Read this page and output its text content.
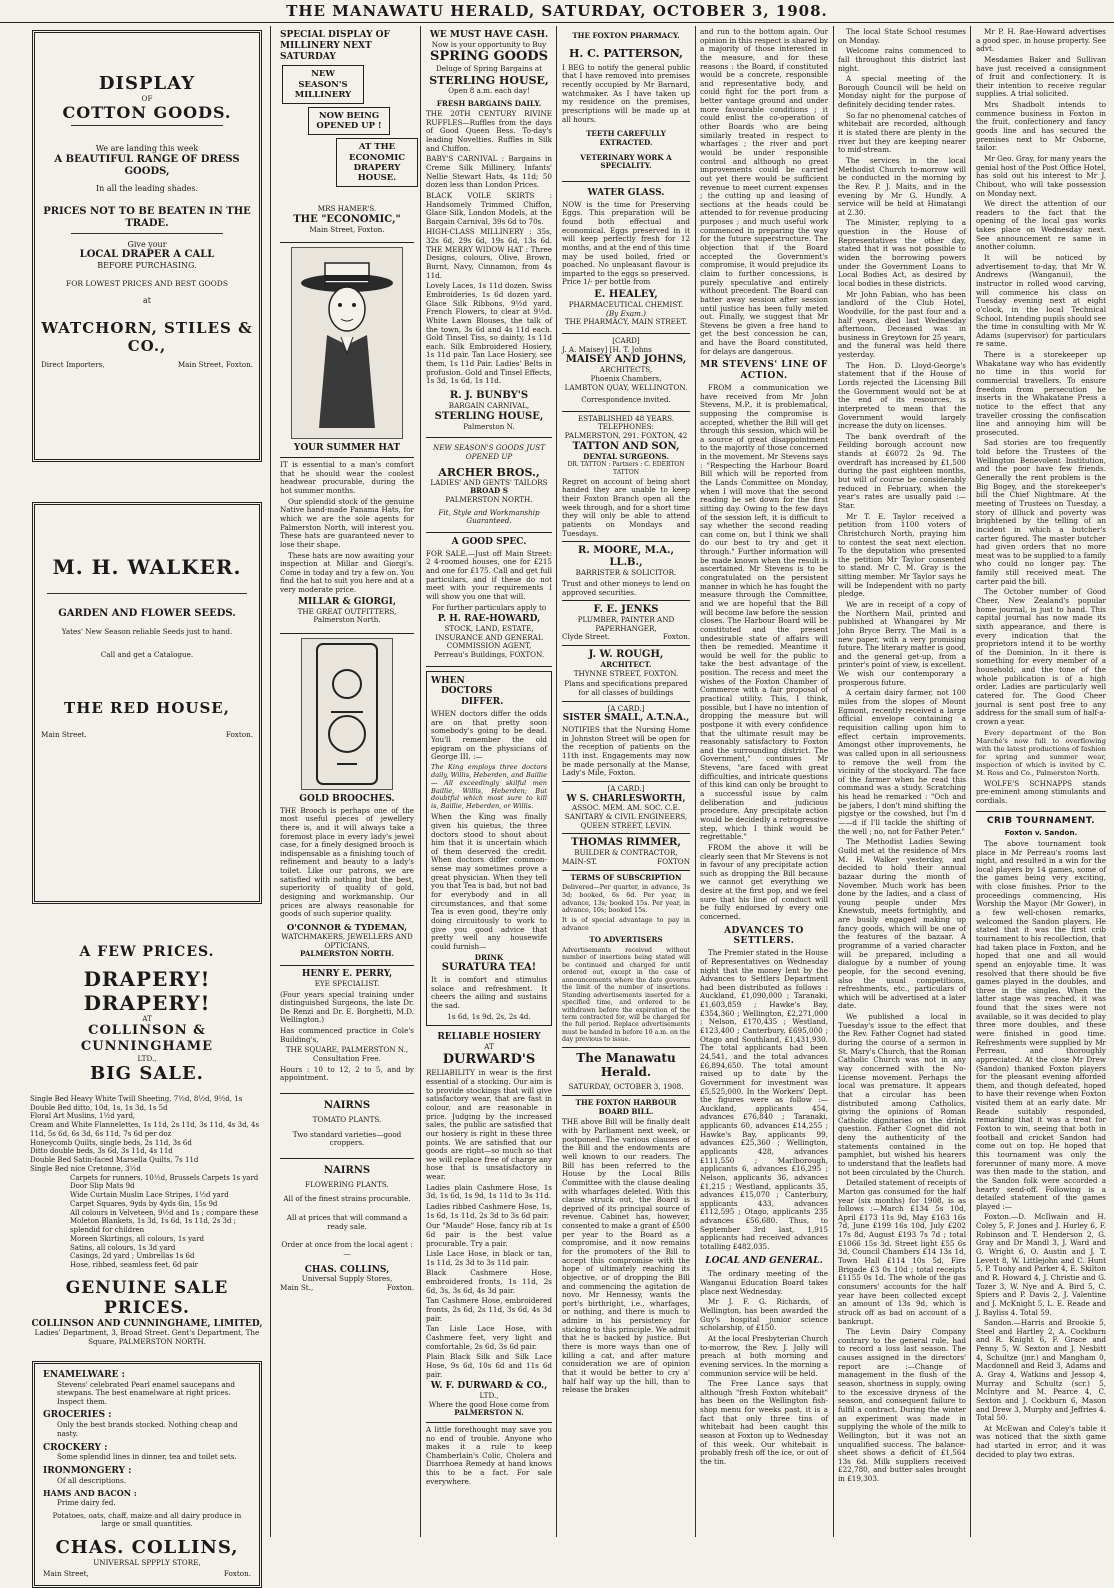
THE MANAWATU HERALD, SATURDAY, OCTOBER 3, 1908.
DISPLAY
OF
COTTON GOODS.
We are landing this week
A BEAUTIFUL RANGE OF DRESS GOODS,
In all the leading shades.
PRICES NOT TO BE BEATEN IN THE TRADE.
Give your
LOCAL DRAPER A CALL
BEFORE PURCHASING.
FOR LOWEST PRICES AND BEST GOODS
at
WATCHORN, STILES & CO.,
Direct Importers,	Main Street, Foxton.
M. H. WALKER.
GARDEN AND FLOWER SEEDS.
Yates' New Season reliable Seeds just to hand.
Call and get a Catalogue.
THE RED HOUSE,
Main Street.	Foxton.
A FEW PRICES.
DRAPERY! DRAPERY!
AT
COLLINSON & CUNNINGHAME
LTD.,
BIG SALE.
Single Bed Heavy White Twill Sheeting, 7½d, 8½d, 9½d, 1s
Double Bed ditto, 10d, 1s, 1s 3d, 1s 5d
Floral Art Muslins, 1½d yard,
Cream and White Flannelettes, 1s 11d, 2s 11d, 3s 11d, 4s 3d, 4s 11d, 5s 6d, 6s 3d, 6s 11d, 7s 6d per doz
Honeycomb Quilts, single beds, 2s 11d, 3s 6d
Ditto double beds, 3s 6d, 3s 11d, 4s 11d
Double Bed Satin-faced Marsella Quilts, 7s 11d
Single Bed nice Cretonne, 3½d
Carpets for runners, 10½d, Brussels Carpets 1s yard
Door Slip Mats 9d
Wide Curtain Muslin Lace Stripes, 1½d yard
Carpet Squares, 9yds by 4yds 6in, 15s 9d
All colours in Velveteen, 9½d and 1s ; compare these
Moleton Blankets, 1s 3d, 1s 6d, 1s 11d, 2s 3d ; splendid for children
Moreen Skirtings, all colours, 1s yard
Satins, all colours, 1s 3d yard
Casings, 2d yard ; Umbrellas 1s 6d
Hose, ribbed, seamless feet, 6d pair
GENUINE SALE PRICES.
COLLINSON AND CUNNINGHAME, LIMITED,
Ladies' Department, 3, Broad Street. Gent's Department, The Square, PALMERSTON NORTH.
ENAMELWARE :
Stevens' celebrated Pearl enamel saucepans and stewpans. The best enamelware at right prices. Inspect them.
GROCERIES :
Only the best brands stocked. Nothing cheap and nasty.
CROCKERY :
Some splendid lines in dinner, tea and toilet sets.
IRONMONGERY :
Of all descriptions.
HAMS AND BACON :
Prime dairy fed.
Potatoes, oats, chaff, maize and all dairy produce in large or small quantities.
CHAS. COLLINS,
UNIVERSAL SPPPLY STORE,
Main Street,	Foxton.
SPECIAL DISPLAY OF MILLINERY NEXT SATURDAY
NEW SEASON'S MILLINERY
NOW BEING OPENED UP !
AT THE ECONOMIC DRAPERY HOUSE.
MRS HAMER'S.
THE "ECONOMIC,"
Main Street, Foxton.
YOUR SUMMER HAT

IT is essential to a man's comfort that he should wear the coolest headwear procurable, during the hot summer months.

Our splendid stock of the genuine Native hand-made Panama Hats, for which we are the sole agents for Palmerston North, will interest you. These hats are guaranteed never to lose their shape.

These hats are now awaiting your inspection at Millar and Giorgi's. Come in today and try a few on. You find the hat to suit you here and at a very moderate price.

MILLAR & GIORGI,
THE GREAT OUTFITTERS,
Palmerston North.
GOLD BROOCHES.

THE Brooch is perhaps one of the most useful pieces of jewellery there is, and it will always take a foremost place in every lady's jewel case, for a finely designed brooch is indispensable as a finishing touch of refinement and beauty to a lady's toilet. Like our patrons, we are satisfied with nothing but the best, superiority of quality of gold, designing and workmanship. Our prices are always reasonable for goods of such superior quality.

O'CONNOR & TYDEMAN,
WATCHMAKERS, JEWELLERS AND OPTICIANS,
PALMERSTON NORTH.
HENRY E. PERRY,
EYE SPECIALIST.

(Four years special training under distinguished Surgeons, the late Dr. De Renzi and Dr. E. Borghetti, M.D. Wellington.)

Has commenced practice in Cole's Building's,

THE SQUARE, PALMERSTON N., Consultation Free.

Hours : 10 to 12, 2 to 5, and by appointment.

NAIRNS
TOMATO PLANTS.
Two standard varieties—good croppers.
NAIRNS
FLOWERING PLANTS.
All of the finest strains procurable.
All at prices that will command a ready sale.
Order at once from the local agent :—
CHAS. COLLINS,
Universal Supply Stores,
Main St.,	Foxton.
WE MUST HAVE CASH.
Now is your opportunity to Buy
SPRING GOODS
Deluge of Spring Bargains at
STERLING HOUSE,
Open 8 a.m. each day!
FRESH BARGAINS DAILY.

THE 20TH CENTURY RIVINE RUFFLES—Ruffles from the days of Good Queen Bess. To-day's leading Novelties. Ruffles in Silk and Chiffon.

BABY'S CARNIVAL : Bargains in Creme Silk Millinery. Infants' Nellie Stewart Hats, 4s 11d; 50 dozen less than London Prices.

BLACK VOILE SKIRTS : Handsomely Trimmed Chiffon, Glace Silk, London Models, at the Bargain Carnival, 39s 6d to 70s.

HIGH-CLASS MILLINERY : 35s, 32s 6d, 29s 6d, 19s 6d, 13s 6d. THE MERRY WIDOW HAT : Three Designs, colours, Olive, Brown, Burnt, Navy, Cinnamon, from 4s 11d.

Lovely Laces, 1s 11d dozen. Swiss Embroideries, 1s 6d dozen yard. Glace Silk Ribbons, 9½d yard. French Flowers, to clear at 9½d. White Lawn Blouses, the talk of the town, 3s 6d and 4s 11d each. Gold Tinsel Tiss, so dainty, 1s 11d each. Silk Embroidered Hosiery, 1s 11d pair. Tan Lace Hosiery, see them, 1s 11d Pair. Ladies' Belts in profusion. Gold and Tinsel Effects, 1s 3d, 1s 6d, 1s 11d.

R. J. BUNBY'S
BARGAIN CARNIVAL,
STERLING HOUSE,
Palmerston N.
NEW SEASON'S GOODS JUST OPENED UP
ARCHER BROS.,
LADIES' AND GENTS' TAILORS
BROAD S
PALMERSTON NORTH.
Fit, Style and Workmanship Guaranteed.
A GOOD SPEC.

FOR SALE.—Just off Main Street: 2 4-roomed houses, one for £215 and one for £175. Call and get full particulars, and if these do not meet with your requirements I will show you one that will.

For further particulars apply to

P. H. RAE-HOWARD,
STOCK, LAND, ESTATE, INSURANCE AND GENERAL COMMISSION AGENT,
Perreau's Buildings, FOXTON.
WHEN
DOCTORS
DIFFER.

WHEN doctors differ the odds are on that pretty soon somebody's going to be dead. You'll remember the old epigram on the physicians of George III. :—

The King employs three doctors daily, Willis, Heberden, and Baillie— All exceedingly skilful men Baillie, Willis, Heberden; But doubtful which most sure to kill is, Baillie, Heberden, or Willis.

When the King was finally given his quietus, the three doctors stood to shout about him that it is uncertain which of them deserved the credit. When doctors differ common-sense may sometimes prove a great physician. When they tell you that Tea is bad, but not bad for everybody and in all circumstances, and that some Tea is even good, they're only doing circuitously to work to give you good advice that pretty well any housewife could furnish—

DRINK
SURATURA TEA!

It is comfort and stimulus solace and refreshment. It cheers the ailing and sustains the sad.

1s 6d, 1s 9d, 2s, 2s 4d.
RELIABLE HOSIERY
AT
DURWARD'S

RELIABILITY in wear is the first essential of a stocking. Our aim is to provide stockings that will give satisfactory wear, that are fast in colour, and are reasonable in price. Judging by the increased sales, the public are satisfied that our hosiery is right in these three points. We are satisfied that our goods are right—so much so that we will replace free of charge any hose that is unsatisfactory in wear.

Ladies plain Cashmere Hose, 1s 3d, 1s 6d, 1s 9d, 1s 11d to 3s 11d.

Ladies ribbed Cashmere Hose, 1s, 1s 6d, 1s 11d, 2s 3d to 3s 6d pair.

Our "Maude" Hose, fancy rib at 1s 6d pair is the best value procurable. Try a pair.

Lisle Lace Hose, in black or tan, 1s 11d, 2s 3d to 3s 11d pair.

Black Cashmere Hose, embroidered fronts, 1s 11d, 2s 6d, 3s, 3s 6d, 4s 3d pair.

Tan Cashmere Hose, embroidered fronts, 2s 6d, 2s 11d, 3s 6d, 4s 3d pair.

Tan Lisle Lace Hose, with Cashmere feet, very light and comfortable, 2s 6d, 3s 6d pair.

Plain Black Silk and Silk Lace Hose, 9s 6d, 10s 6d and 11s 6d pair.

W. F. DURWARD & CO.,
LTD.,
Where the good Hose come from
PALMERSTON N.

A little forethought may save you no end of trouble. Anyone who makes it a rule to keep Chamberlain's Colic, Cholera and Diarrhoea Remedy at hand knows this to be a fact. For sale everywhere.

THE FOXTON PHARMACY.
H. C. PATTERSON,

I BEG to notify the general public that I have removed into premises recently occupied by Mr Barnard, watchmaker. As I have taken up my residence on the premises, prescriptions will be made up at all hours.

TEETH CAREFULLY EXTRACTED.
VETERINARY WORK A SPECIALITY.
WATER GLASS.

NOW is the time for Preserving Eggs. This preparation will be found both effectual and economical. Eggs preserved in it will keep perfectly fresh for 12 months, and at the end of this time may be used boiled, fried or poached. No unpleasant flavour is imparted to the eggs so preserved. Price 1/- per bottle from

E. HEALEY,
PHARMACEUTICAL CHEMIST.
(By Exam.)
THE PHARMACY, MAIN STREET.
[CARD]
J. A. Maisey] [H. T. Johns
MAISEY AND JOHNS,
ARCHITECTS,
Phoenix Chambers,
LAMBTON QUAY, WELLINGTON.
Correspondence invited.
ESTABLISHED 48 YEARS.
TELEPHONES:
PALMERSTON, 291. FOXTON, 42
TATTON AND SON,
DENTAL SURGEONS.
DR. TATTON : Partners : C. EDERTON TATTON

Regret on account of being short handed they are unable to keep their Foxton Branch open all the week through, and for a short time they will only be able to attend patients on Mondays and Tuesdays.

R. MOORE, M.A., LL.B.,
BARRISTER & SOLICITOR.

Trust and other moneys to lend on approved securities.

F. E. JENKS
PLUMBER, PAINTER AND PAPERHANGER,
Clyde Street.	Foxton.
J. W. ROUGH,
ARCHITECT.
THYNNE STREET, FOXTON.

Plans and specifications prepared for all classes of buildings

[A CARD.]
SISTER SMALL, A.T.N.A.,

NOTIFIES that the Nursing Home in Johnston Street will be open for the reception of patients on the 11th inst. Engagements may now be made personally at the Manse, Lady's Mile, Foxton.

[A CARD.]
W S. CHARLESWORTH,
ASSOC. MEM. AM. SOC. C.E.
SANITARY & CIVIL ENGINEERS,
QUEEN STREET, LEVIN.
THOMAS RIMMER,
BUILDER & CONTRACTOR,
MAIN-ST.	FOXTON
TERMS OF SUBSCRIPTION

Delivered—Per quarter, in advance, 3s 3d; booked, 6s 6d. Per year, in advance, 13s; booked 15s. Per year, in advance, 10s; booked 15s.

It is of special advantage to pay in advance

TO ADVERTISERS

Advertisements received without number of insertions being stated will be continued and charged for until ordered out, except in the case of announcements where the date governs the limit of the number of insertions. Standing advertisements inserted for a specified time, and ordered to be withdrawn before the expiration of the term contracted for, will be charged for the full period. Replace advertisements must be handed in before 10 a.m. on the day previous to issue.

The Manawatu Herald.
SATURDAY, OCTOBER 3, 1908.
THE FOXTON HARBOUR BOARD BILL.

THE above Bill will be finally dealt with by Parliament next week, or postponed. The various clauses of the Bill and the endowments are well known to our readers. The Bill has been referred to the House by the Local Bills Committee with the clause dealing with wharfages deleted. With this clause struck out, the Board is deprived of its principal source of revenue. Cabinet has, however, consented to make a grant of £500 per year to the Board as a compromise, and it now remains for the promoters of the Bill to accept this compromise with the hope of ultimately reaching its objective, or of dropping the Bill and commencing the agitation de novo. Mr Hennessy, wants the port's birthright, i.e., wharfages, or nothing, and there is much to admire in his persistency for sticking to this principle. We admit that he is backed by justice. But there is more ways than one of killing a cat, and after mature consideration we are of opinion that it would be better to cry a' half half way up the hill, than to release the brakes

and run to the bottom again. Our opinion in this respect is shared by a majority of those interested in the measure, and for these reasons : the Board, if constituted would be a concrete, responsible and representative body, and could fight for the port from a better vantage ground and under more favourable conditions ; it could enlist the co-operation of other Boards who are being similarly treated in respect to wharfages ; the river and port would be under responsible control and although no great improvements could be carried out yet there would be sufficient revenue to meet current expenses ; the cutting up and leasing of sections at the heads could be attended to for revenue producing purposes ; and much useful work commenced in preparing the way for the future superstructure. The objection that if the Board accepted the Government's compromise, it would prejudice its claim to further concessions, is purely speculative and entirely without precedent. The Board can batter away session after session until justice has been fully meted out. Finally, we suggest that Mr Stevens be given a free hand to get the best concession he can, and have the Board constituted, for delays are dangerous.

MR STEVENS' LINE OF ACTION.

FROM a communication we have received from Mr John Stevens, M.P., it is problematical, supposing the compromise is accepted, whether the Bill will get through this session, which will be a source of great disappointment to the majority of those concerned in the movement. Mr Stevens says : "Respecting the Harbour Board Bill which will be reported from the Lands Committee on Monday, when I will move that the second reading be set down for the first sitting day. Owing to the few days of the session left, it is difficult to say whether the second reading can come on, but I think we shall do our best to try and get it through." Further information will be made known when the result is ascertained. Mr Stevens is to be congratulated on the persistent manner in which he has fought the measure through the Committee, and we are hopeful that the Bill will become law before the session closes. The Harbour Board will be constituted and the present undesirable state of affairs will then be remedied. Meantime it would be well for the public to take the best advantage of the position. The recess and meet the wishes of the Foxton Chamber of Commerce with a fair proposal of practical utility. This, I think, possible, but I have no intention of dropping the measure but will postpone it with every confidence that the ultimate result may be reasonably satisfactory to Foxton and the surrounding district. The Government," continues Mr Stevens, "are faced with great difficulties, and intricate questions of this kind can only be brought to a successful issue by calm deliberation and judicious procedure. Any precipitate action would be decidedly a retrogressive step, which I think would be regrettable."

FROM the above it will be clearly seen that Mr Stevens is not in favour of any precipitate action such as dropping the Bill because we cannot get everything we desire at the first pop, and we feel sure that his line of conduct will be fully endorsed by every one concerned.

ADVANCES TO SETTLERS.

The Premier stated in the House of Representatives on Wednesday night that the money lent by the Advances to Settlers Department had been distributed as follows : Auckland, £1,090,000 ; Taranaki, £1,603,859 ; Hawke's Bay, £354,360 ; Wellington, £2,271,000 ; Nelson, £170,435 ; Westland, £123,400 ; Canterbury, £695,000 ; Otago and Southland, £1,431,930. The total applicants had been 24,541, and the total advances £6,894,650. The total amount raised up to date by the Government for investment was £5,525,000. In the Workers' Dept. the figures were as follow :—Auckland, applicants 454, advances £76,840 ; Taranaki, applicants 60, advances £14,255 ; Hawke's Bay, applicants 99, advances £25,360 ; Wellington, applicants 428, advances £111,550 ; Marlborough, applicants 6, advances £16,295 ; Nelson, applicants 36, advances £1,215 ; Westland, applicants 35, advances £15,070 ; Canterbury, applicants 433, advances £112,595 ; Otago, applicants 235 advances £56,680. Thus, to September 3rd last, 1,915 applicants had received advances totalling £482,035.

LOCAL AND GENERAL.

The ordinary meeting of the Wanganui Education Board takes place next Wednesday.

Mr J. F. G. Richards, of Wellington, has been awarded the Guy's hospital junior science scholarship, of £150.

At the local Presbyterian Church to-morrow, the Rev. J. Jolly will preach at both morning and evening services. In the morning a communion service will be held.

The Free Lance says that although "fresh Foxton whitebait" has been on the Wellington fish-shop menu for weeks past, it is a fact that only three tins of whitebait had been caught this season at Foxton up to Wednesday of this week. Our whitebait is probably fresh off the ice, or out of the tin.

The local State School resumes on Monday.

Welcome rains commenced to fall throughout this district last night.

A special meeting of the Borough Council will be held on Monday night for the purpose of definitely deciding tender rates.

So far no phenomenal catches of whitebait are recorded, although it is stated there are plenty in the river but they are keeping nearer to mid-stream.

The services in the local Methodist Church to-morrow will be conducted in the morning by the Rev. P. J. Maits, and in the evening by Mr G. Hundly. A service will be held at Himatangi at 2.30.

The Minister, replying to a question in the House of Representatives the other day, stated that it was not possible to widen the borrowing powers under the Government Loans to Local Bodies Act, as desired by local bodies in these districts.

Mr John Fabian, who has been landlord of the Club Hotel, Woodville, for the past four and a half years, died last Wednesday afternoon. Deceased was in business in Greytown for 25 years, and the funeral was held there yesterday.

The Hon. D. Lloyd-George's statement that if the House of Lords rejected the Licensing Bill the Government would not be at the end of its resources, is interpreted to mean that the Government would largely increase the duty on licenses.

The bank overdraft of the Feilding borough account now stands at £6072 2s 9d. The overdraft has increased by £1,500 during the past eighteen months, but will of course be considerably reduced in February, when the year's rates are usually paid :—Star.

Mr T. E. Taylor received a petition from 1100 voters of Christchurch North, praying him to contest the seat next election. To the deputation who presented the petition Mr Taylor consented to stand. Mr C. M. Gray is the sitting member. Mr Taylor says he will be Independent with no party pledge.

We are in receipt of a copy of the Northern Mail, printed and published at Whangarei by Mr John Bryce Berry. The Mail is a new paper, with a very promising future. The literary matter is good, and the general get-up, from a printer's point of view, is excellent. We wish our contemporary a prosperous future.

A certain dairy farmer, not 100 miles from the slopes of Mount Egmont, recently received a large official envelope containing a requisition calling upon him to effect certain improvements. Amongst other improvements, he was called upon in all seriousness to remove the well from the vicinity of the stockyard. The face of the farmer when he read this command was a study. Scratching his head he remarked : "Och and be jabers, I don't mind shifting the pigstye or the cowshed, but I'm d——d if I'll tackle the shifting of the well ; no, not for Father Peter."

The Methodist Ladies Sewing Guild met at the residence of Mrs M. H. Walker yesterday, and decided to hold their annual bazaar during the month of November. Much work has been done by the ladies, and a class of young people under Mrs Knewstub, meets fortnightly, and are busily engaged making up fancy goods, which will be one of the features of the bazaar. A programme of a varied character will be prepared, including a dialogue by a number of young people, for the second evening, also the usual competitions, refreshments, etc., particulars of which will be advertised at a later date.

We published a local in Tuesday's issue to the effect that the Rev. Father Cognet had stated during the course of a sermon in St. Mary's Church, that the Roman Catholic Church was not in any way concerned with the No-License movement. Perhaps the local was premature. It appears that a circular has been distributed among Catholics, giving the opinions of Roman Catholic dignitaries on the drink question. Father Cognet did not deny the authenticity of the statements contained in the pamphlet, but wished his hearers to understand that the leaflets had not been circulated by the Church.

Detailed statement of receipts of Marton gas consumed for the half year (six months) for 1908, is as follows :—March £134 5s 10d, April £173 11s 9d, May £163 16s 7d, June £199 16s 10d, July £202 17s 8d, August £193 7s 7d ; total £1066 15s 3d. Street light £55 6s 3d, Council Chambers £14 13s 1d, Town Hall £114 10s 5d, Fire Brigade £3 0s 10d ; total receipts £1155 0s 1d. The whole of the gas consumers' accounts for the half year have been collected except an amount of 13s 9d, which is struck off as bad on account of a bankrupt.

The Levin Dairy Company contrary to the general rule, had to record a loss last season. The causes assigned in the directors' report are :—Change of management in the flush of the season, shortness in supply, owing to the excessive dryness of the season, and consequent failure to fulfil a contract. During the winter an experiment was made in supplying the whole of the milk to Wellington, but it was not an unqualified success. The balance-sheet shows a deficit of £1,564 13s 6d. Milk suppliers received £22,780, and butter sales brought in £19,303.

Mr P. H. Rae-Howard advertises a good spec. in house property. See advt.

Mesdames Baker and Sullivan have just received a consignment of fruit and confectionery. It is their intention to receive regular supplies. A trial solicited.

Mrs Shadbolt intends to commence business in Foxton in the fruit, confectionery and fancy goods line and has secured the premises next to Mr Osborne, tailor.

Mr Geo. Gray, for many years the genial host of the Post Office Hotel, has sold out his interest to Mr J. Chibout, who will take possession on Monday next.

We direct the attention of our readers to the fact that the opening of the local gas works takes place on Wednesday next. See announcement re same in another column.

It will be noticed by advertisement to-day, that Mr W. Andrews (Wanganui), the instructor in rolled wood carving, will commence his class on Tuesday evening next at eight o'clock, in the local Technical School. Intending pupils should see the time in consulting with Mr W. Adams (supervisor) for particulars re same.

There is a storekeeper up Whakatane way who has evidently no time in this world for commercial travellers. To ensure freedom from persecution he inserts in the Whakatane Press a notice to the effect that any traveller crossing the confiscation line and annoying him will be prosecuted.

Sad stories are too frequently told before the Trustees of the Wellington Benevolent Institution, and the poor have few friends. Generally the rent problem is the Big Bogey, and the storekeeper's bill the Chief Nightmare. At the meeting of Trustees on Tuesday, a story of illluck and poverty was brightened by the telling of an incident in which a butcher's carter figured. The master butcher had given orders that no more meat was to be supplied to a family who could no longer pay. The family still received meat. The carter paid the bill.

The October number of Good Cheer, New Zealand's popular home journal, is just to hand. This capital journal has now made its sixth appearance, and there is every indication that the proprietors intend it to be worthy of the Dominion. In it there is something for every member of a household, and the tone of the whole publication is of a high order. Ladies are particularly well catered for. The Good Cheer journal is sent post free to any address for the small sum of half-a-crown a year.

Every department of the Bon Marché's now full to overflowing with the latest productions of fashion for spring and summer wear, inspection of which is invited by C. M. Ross and Co., Palmerston North.

WOLFE'S SCHNAPPS stands pre-eminent among stimulants and cordials.

CRIB TOURNAMENT.
Foxton v. Sandon.

The above tournament took place in Mr Perreau's rooms last night, and resulted in a win for the local players by 14 games, some of the games being very exciting, with close finishes. Prior to the proceedings commencing, His Worship the Mayor (Mr Gower), in a few well-chosen remarks, welcomed the Sandon players. He stated that it was the first crib tournament to his recollection, that had taken place in Foxton, and he hoped that one and all would spend an enjoyable time. It was resolved that there should be five games played in the doubles, and three in the singles. When the latter stage was reached, it was found that the sixes were not available, so it was decided to play three more doubles, and these were finished in good time. Refreshments were supplied by Mr Perreau, and thoroughly appreciated. At the close Mr Drew (Sandon) thanked Foxton players for the pleasant evening afforded them, and though defeated, hoped to have their revenge when Foxton visited them at an early date. Mr Reade suitably responded, remarking that it was a treat for Foxton to win, seeing that both in football and cricket Sandon had come out on top. He hoped that this tournament was only the forerunner of many more. A move was then made to the station, and the Sandon folk were accorded a hearty send-off. Following is a detailed statement of the games played :—

Foxton.—D. McIlwain and H. Coley 5, F. Jones and J. Hurley 6, F. Robinson and T. Henderson 2, G. Gray and Dr Mandl 3, J. Ward and G. Wright 6, O. Austin and J. T. Levett 8, W. Littlejohn and C. Hunt 5, P. Tuohy and Parker 4, E. Skilton and R. Howard 4, J. Christie and G. Tozer 3, W. Nye and A. Bird 5, C. Spiers and P. Davis 2, J. Valentine and J. McKnight 5, L. E. Reade and J. Bayliss 4. Total 59.

Sandon.—Harris and Brookie 5, Steel and Hartley 2, A. Cockburn and R. Knight 6, F. Grace and Penny 5, W. Sexton and J. Nesbitt 4, Schultze (jnr.) and Mangham 0, Macdonnell and Reid 3, Adams and A. Gray 4, Watkins and Jessop 4, Murray and Schultz (scr.) 5, McIntyre and M. Pearce 4, C. Sexton and J. Cockburn 6, Mason and Drew 3, Murphy and Jeffries 4. Total 50.

At McEwan and Coley's table it was noticed that the sixth game had started in error, and it was decided to play two extras.
